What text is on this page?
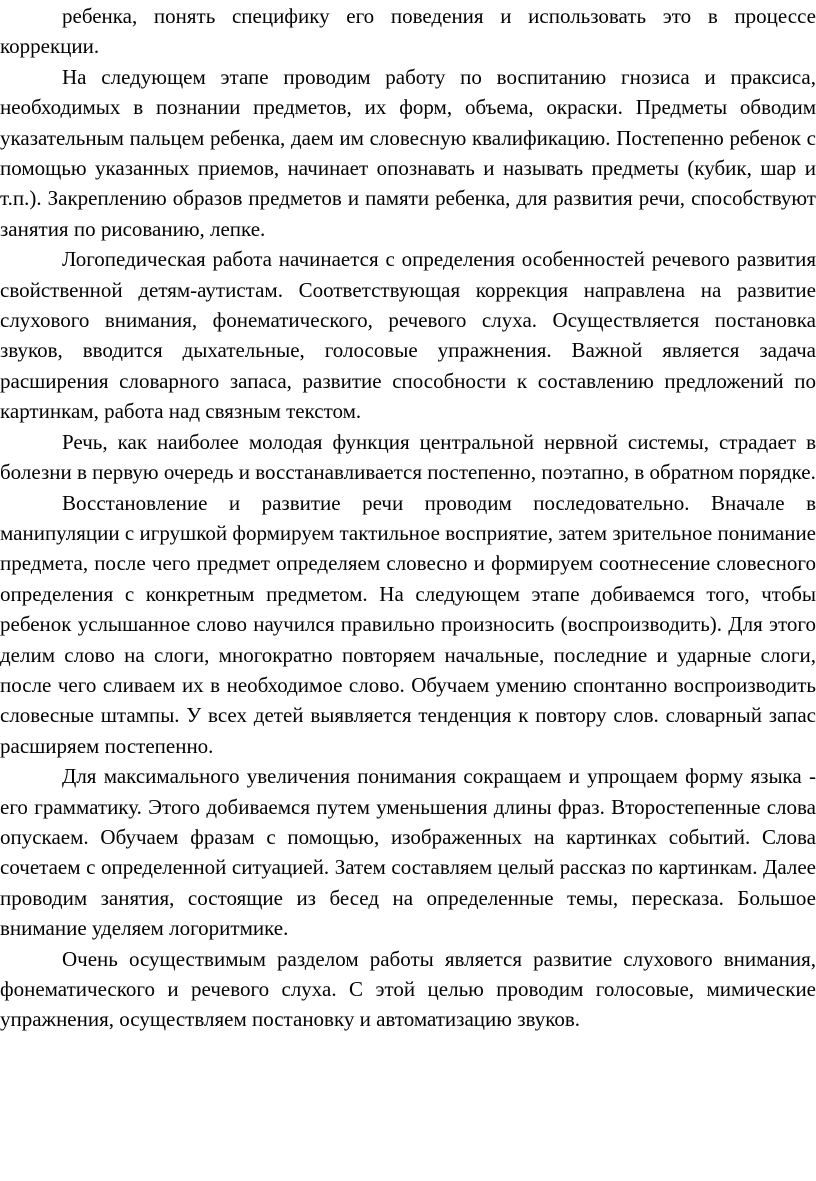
ребенка, понять специфику его поведения и использовать это в процессе коррекции.

На следующем этапе проводим работу по воспитанию гнозиса и праксиса, необходимых в познании предметов, их форм, объема, окраски. Предметы обводим указательным пальцем ребенка, даем им словесную квалификацию. Постепенно ребенок с помощью указанных приемов, начинает опознавать и называть предметы (кубик, шар и т.п.). Закреплению образов предметов и памяти ребенка, для развития речи, способствуют занятия по рисованию, лепке.

Логопедическая работа начинается с определения особенностей речевого развития свойственной детям-аутистам. Соответствующая коррекция направлена на развитие слухового внимания, фонематического, речевого слуха. Осуществляется постановка звуков, вводится дыхательные, голосовые упражнения. Важной является задача расширения словарного запаса, развитие способности к составлению предложений по картинкам, работа над связным текстом.

Речь, как наиболее молодая функция центральной нервной системы, страдает в болезни в первую очередь и восстанавливается постепенно, поэтапно, в обратном порядке.

Восстановление и развитие речи проводим последовательно. Вначале в манипуляции с игрушкой формируем тактильное восприятие, затем зрительное понимание предмета, после чего предмет определяем словесно и формируем соотнесение словесного определения с конкретным предметом. На следующем этапе добиваемся того, чтобы ребенок услышанное слово научился правильно произносить (воспроизводить). Для этого делим слово на слоги, многократно повторяем начальные, последние и ударные слоги, после чего сливаем их в необходимое слово. Обучаем умению спонтанно воспроизводить словесные штампы. У всех детей выявляется тенденция к повтору слов. словарный запас расширяем постепенно.

Для максимального увеличения понимания сокращаем и упрощаем форму языка - его грамматику. Этого добиваемся путем уменьшения длины фраз. Второстепенные слова опускаем. Обучаем фразам с помощью, изображенных на картинках событий. Слова сочетаем с определенной ситуацией. Затем составляем целый рассказ по картинкам. Далее проводим занятия, состоящие из бесед на определенные темы, пересказа. Большое внимание уделяем логоритмике.

Очень осуществимым разделом работы является развитие слухового внимания, фонематического и речевого слуха. С этой целью проводим голосовые, мимические упражнения, осуществляем постановку и автоматизацию звуков.
